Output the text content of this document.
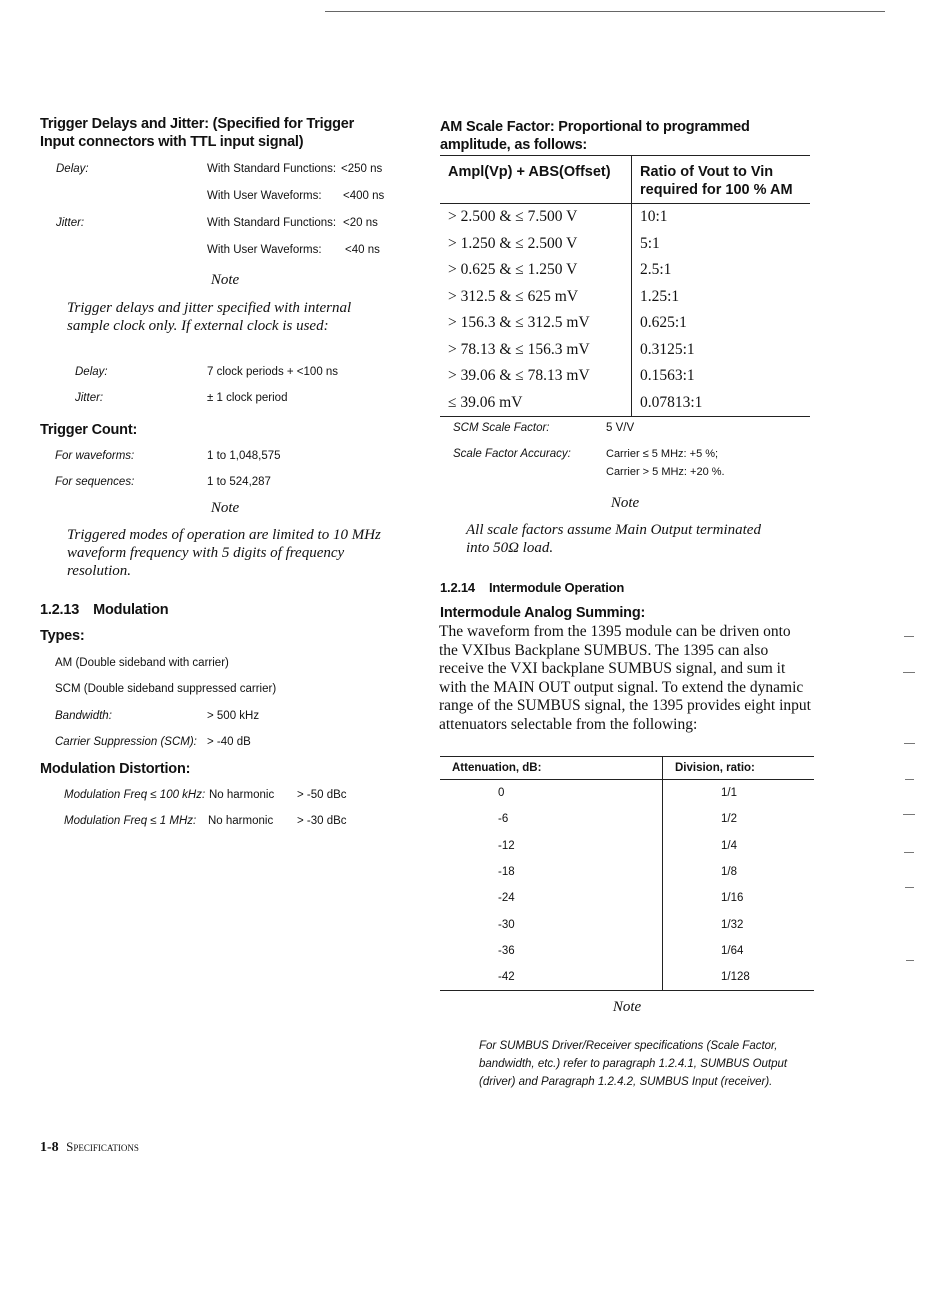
Trigger Delays and Jitter: (Specified for Trigger Input connectors with TTL input signal)
Delay:	With Standard Functions: <250 ns
With User Waveforms: <400 ns
Jitter:	With Standard Functions: <20 ns
With User Waveforms: <40 ns
Note
Trigger delays and jitter specified with internal sample clock only. If external clock is used:
Delay:	7 clock periods + <100 ns
Jitter:	± 1 clock period
Trigger Count:
For waveforms:	1 to 1,048,575
For sequences:	1 to 524,287
Note
Triggered modes of operation are limited to 10 MHz waveform frequency with 5 digits of frequency resolution.
1.2.13 Modulation
Types:
AM (Double sideband with carrier)
SCM (Double sideband suppressed carrier)
Bandwidth:	> 500 kHz
Carrier Suppression (SCM): > -40 dB
Modulation Distortion:
Modulation Freq ≤ 100 kHz: No harmonic > -50 dBc
Modulation Freq ≤ 1 MHz: No harmonic > -30 dBc
AM Scale Factor: Proportional to programmed amplitude, as follows:
Ampl(Vp) + ABS(Offset)	Ratio of Vout to Vin required for 100 % AM
> 2.500 & ≤ 7.500 V	10:1
> 1.250 & ≤ 2.500 V	5:1
> 0.625 & ≤ 1.250 V	2.5:1
> 312.5 & ≤ 625 mV	1.25:1
> 156.3 & ≤ 312.5 mV	0.625:1
> 78.13 & ≤ 156.3 mV	0.3125:1
> 39.06 & ≤ 78.13 mV	0.1563:1
≤ 39.06 mV	0.07813:1
SCM Scale Factor:	5 V/V
Scale Factor Accuracy:	Carrier ≤ 5 MHz: +5 %;
Carrier > 5 MHz: +20 %.
Note
All scale factors assume Main Output terminated into 50Ω load.
1.2.14 Intermodule Operation
Intermodule Analog Summing:
The waveform from the 1395 module can be driven onto the VXIbus Backplane SUMBUS. The 1395 can also receive the VXI backplane SUMBUS signal, and sum it with the MAIN OUT output signal. To extend the dynamic range of the SUMBUS signal, the 1395 provides eight input attenuators selectable from the following:
Attenuation, dB:	Division, ratio:
0	1/1
-6	1/2
-12	1/4
-18	1/8
-24	1/16
-30	1/32
-36	1/64
-42	1/128
Note
For SUMBUS Driver/Receiver specifications (Scale Factor, bandwidth, etc.) refer to paragraph 1.2.4.1, SUMBUS Output (driver) and Paragraph 1.2.4.2, SUMBUS Input (receiver).
1-8 Specifications
